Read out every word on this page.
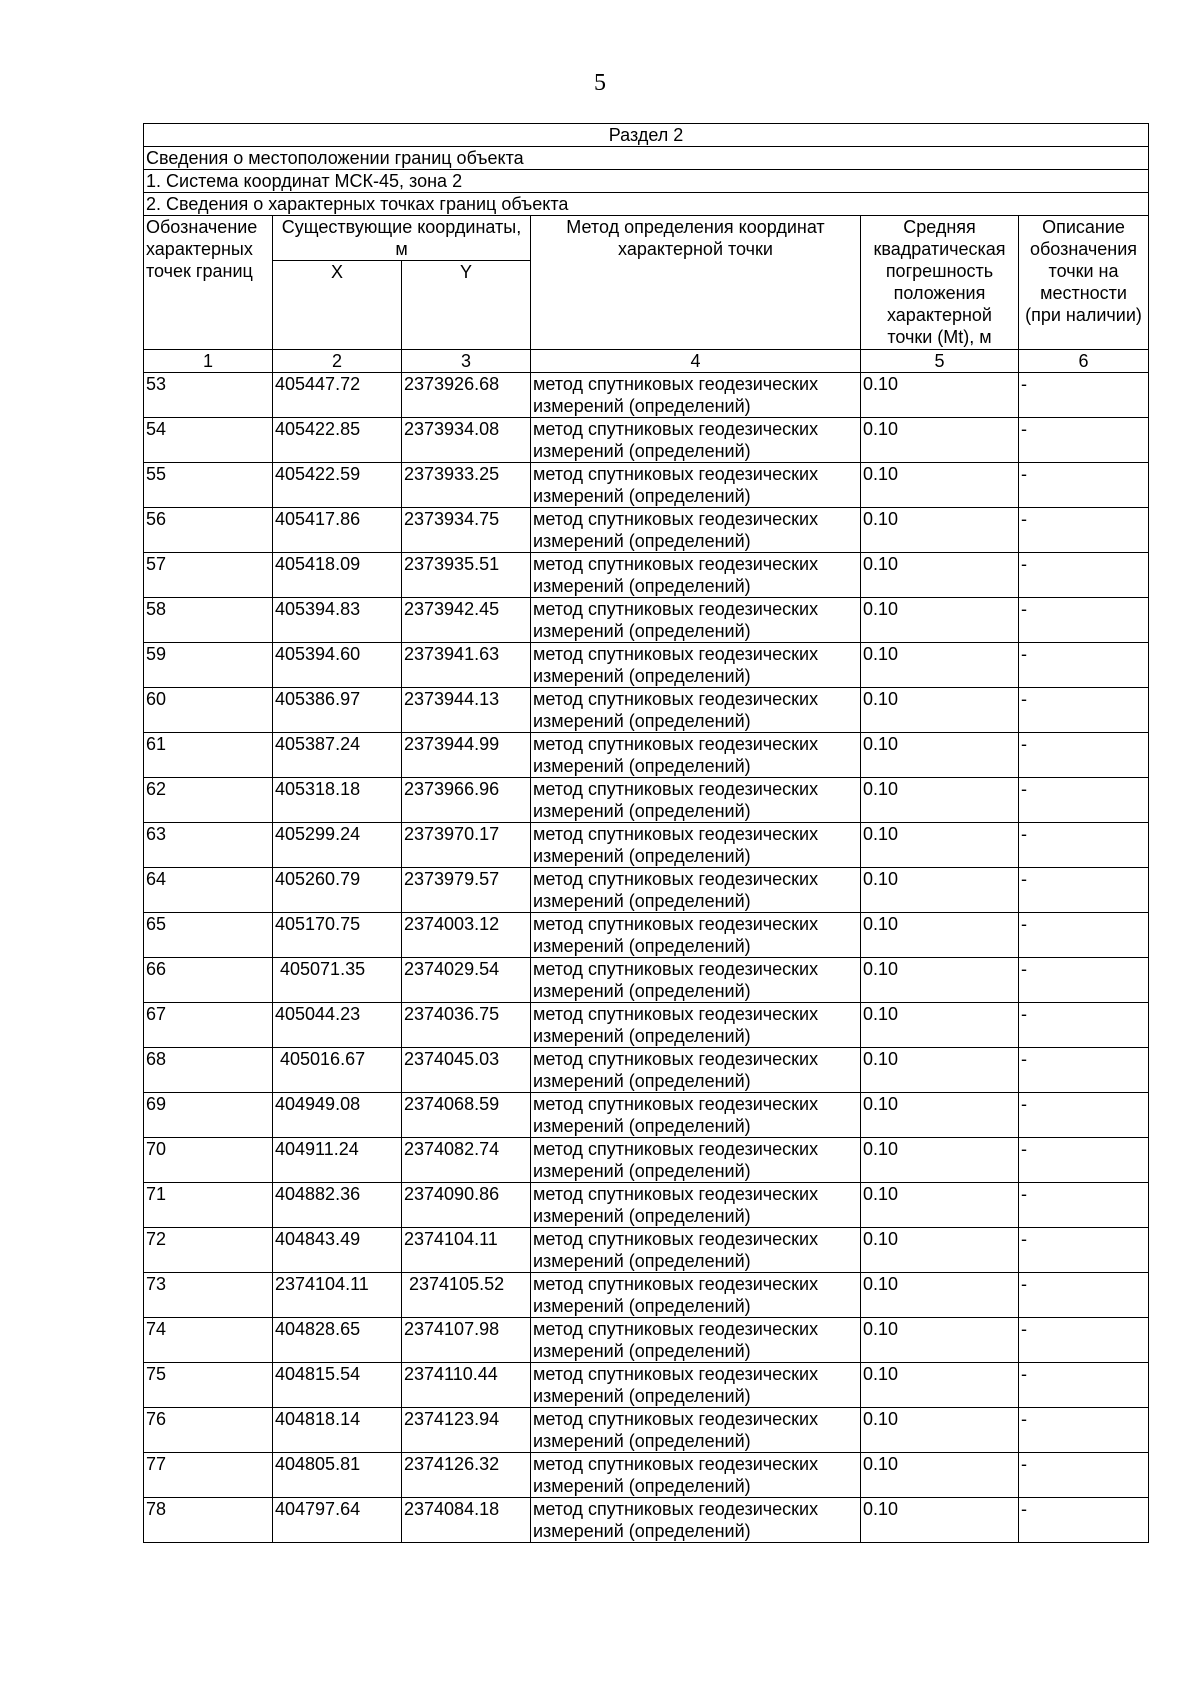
5
Раздел 2					
Сведения о местоположении границ объекта					
1. Система координат МСК-45, зона 2					
2. Сведения о характерных точках границ объекта					
Обозначение характерных точек границ	Существующие координаты, м		Метод определения координат характерной точки	Средняя квадратическая погрешность положения характерной точки (Mt), м	Описание обозначения точки на местности (при наличии)
	X	Y			
1	2	3	4	5	6
53	405447.72	2373926.68	метод спутниковых геодезических измерений (определений)	0.10	-
54	405422.85	2373934.08	метод спутниковых геодезических измерений (определений)	0.10	-
55	405422.59	2373933.25	метод спутниковых геодезических измерений (определений)	0.10	-
56	405417.86	2373934.75	метод спутниковых геодезических измерений (определений)	0.10	-
57	405418.09	2373935.51	метод спутниковых геодезических измерений (определений)	0.10	-
58	405394.83	2373942.45	метод спутниковых геодезических измерений (определений)	0.10	-
59	405394.60	2373941.63	метод спутниковых геодезических измерений (определений)	0.10	-
60	405386.97	2373944.13	метод спутниковых геодезических измерений (определений)	0.10	-
61	405387.24	2373944.99	метод спутниковых геодезических измерений (определений)	0.10	-
62	405318.18	2373966.96	метод спутниковых геодезических измерений (определений)	0.10	-
63	405299.24	2373970.17	метод спутниковых геодезических измерений (определений)	0.10	-
64	405260.79	2373979.57	метод спутниковых геодезических измерений (определений)	0.10	-
65	405170.75	2374003.12	метод спутниковых геодезических измерений (определений)	0.10	-
66	405071.35	2374029.54	метод спутниковых геодезических измерений (определений)	0.10	-
67	405044.23	2374036.75	метод спутниковых геодезических измерений (определений)	0.10	-
68	405016.67	2374045.03	метод спутниковых геодезических измерений (определений)	0.10	-
69	404949.08	2374068.59	метод спутниковых геодезических измерений (определений)	0.10	-
70	404911.24	2374082.74	метод спутниковых геодезических измерений (определений)	0.10	-
71	404882.36	2374090.86	метод спутниковых геодезических измерений (определений)	0.10	-
72	404843.49	2374104.11	метод спутниковых геодезических измерений (определений)	0.10	-
73	2374104.11	2374105.52	метод спутниковых геодезических измерений (определений)	0.10	-
74	404828.65	2374107.98	метод спутниковых геодезических измерений (определений)	0.10	-
75	404815.54	2374110.44	метод спутниковых геодезических измерений (определений)	0.10	-
76	404818.14	2374123.94	метод спутниковых геодезических измерений (определений)	0.10	-
77	404805.81	2374126.32	метод спутниковых геодезических измерений (определений)	0.10	-
78	404797.64	2374084.18	метод спутниковых геодезических измерений (определений)	0.10	-
